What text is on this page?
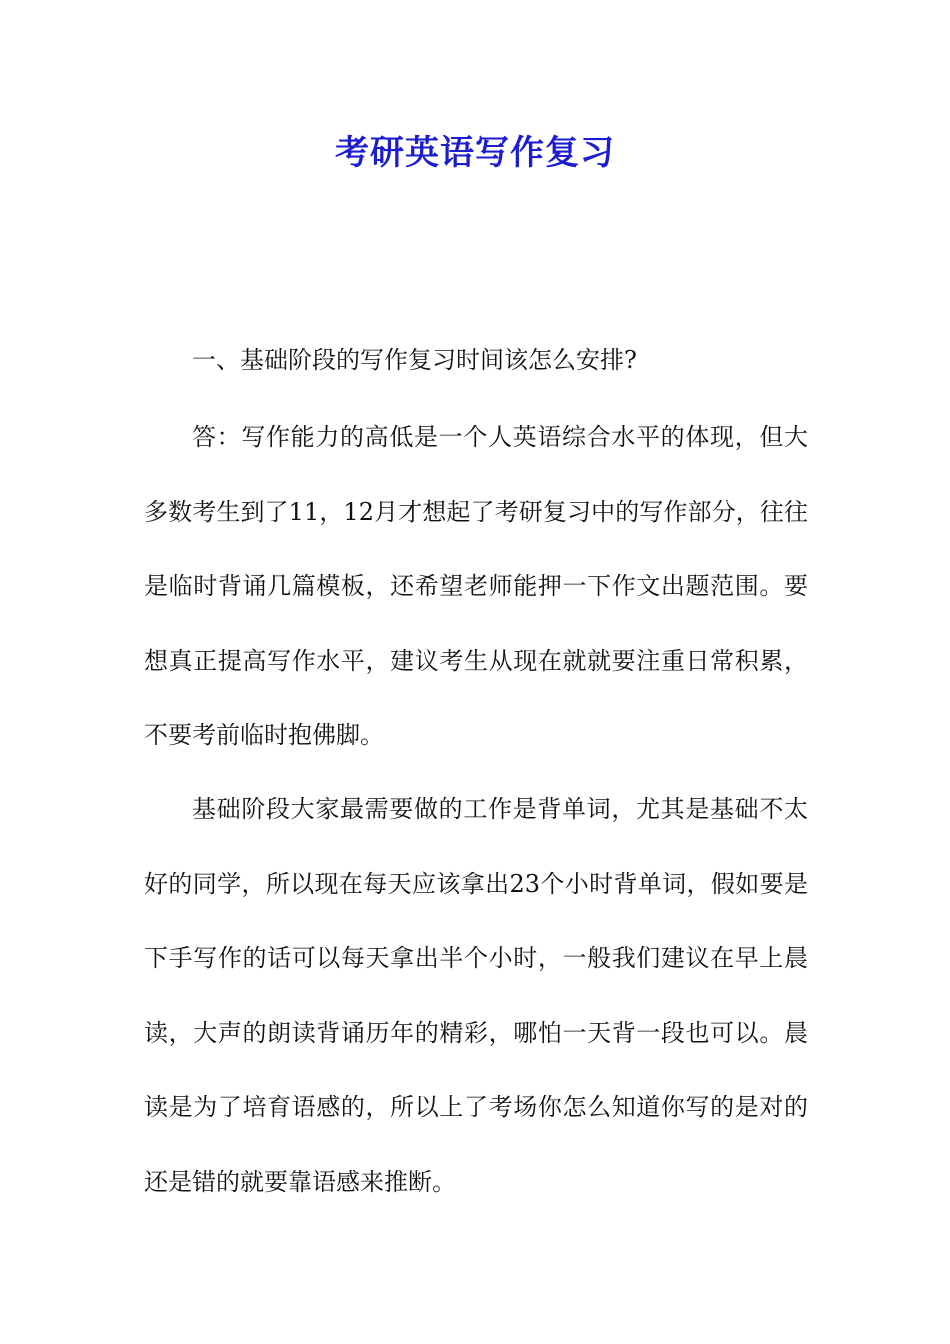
考研英语写作复习
一、基础阶段的写作复习时间该怎么安排?

答：写作能力的高低是一个人英语综合水平的体现，但大多数考生到了11，12月才想起了考研复习中的写作部分，往往是临时背诵几篇模板，还希望老师能押一下作文出题范围。要想真正提高写作水平，建议考生从现在就就要注重日常积累，不要考前临时抱佛脚。

基础阶段大家最需要做的工作是背单词，尤其是基础不太好的同学，所以现在每天应该拿出23个小时背单词，假如要是下手写作的话可以每天拿出半个小时，一般我们建议在早上晨读，大声的朗读背诵历年的精彩，哪怕一天背一段也可以。晨读是为了培育语感的，所以上了考场你怎么知道你写的是对的还是错的就要靠语感来推断。
